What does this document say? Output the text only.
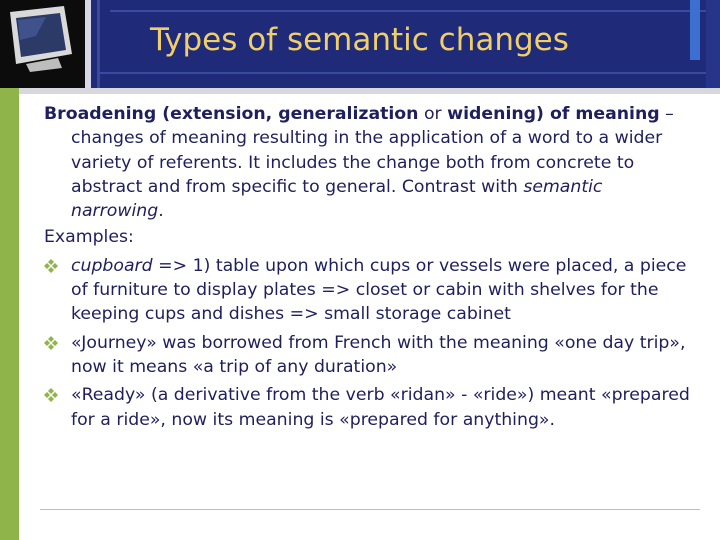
Types of semantic changes

Broadening (extension, generalization or widening) of meaning – changes of meaning resulting in the application of a word to a wider variety of referents. It includes the change both from concrete to abstract and from specific to general. Contrast with semantic narrowing.

Examples:

cupboard => 1) table upon which cups or vessels were placed, a piece of furniture to display plates => closet or cabin with shelves for the keeping cups and dishes => small storage cabinet
«Journey» was borrowed from French with the meaning «one day trip», now it means «a trip of any duration»
«Ready» (a derivative from the verb «ridan» - «ride») meant «prepared for a ride», now its meaning is «prepared for anything».
